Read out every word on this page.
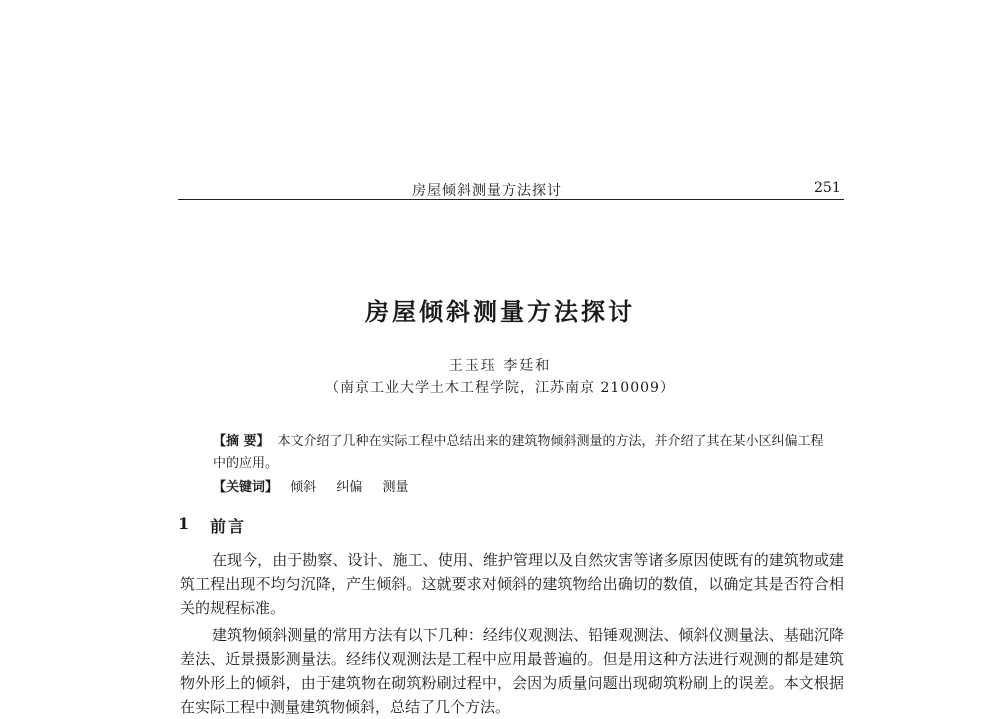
房屋倾斜测量方法探讨	251
房屋倾斜测量方法探讨
王玉珏 李廷和
（南京工业大学土木工程学院，江苏南京 210009）
【摘 要】 本文介绍了几种在实际工程中总结出来的建筑物倾斜测量的方法，并介绍了其在某小区纠偏工程中的应用。
【关键词】 倾斜 纠偏 测量
1 前言
在现今，由于勘察、设计、施工、使用、维护管理以及自然灾害等诸多原因使既有的建筑物或建筑工程出现不均匀沉降，产生倾斜。这就要求对倾斜的建筑物给出确切的数值，以确定其是否符合相关的规程标准。
建筑物倾斜测量的常用方法有以下几种：经纬仪观测法、铅锤观测法、倾斜仪测量法、基础沉降差法、近景摄影测量法。经纬仪观测法是工程中应用最普遍的。但是用这种方法进行观测的都是建筑物外形上的倾斜，由于建筑物在砌筑粉刷过程中，会因为质量问题出现砌筑粉刷上的误差。本文根据在实际工程中测量建筑物倾斜，总结了几个方法。
